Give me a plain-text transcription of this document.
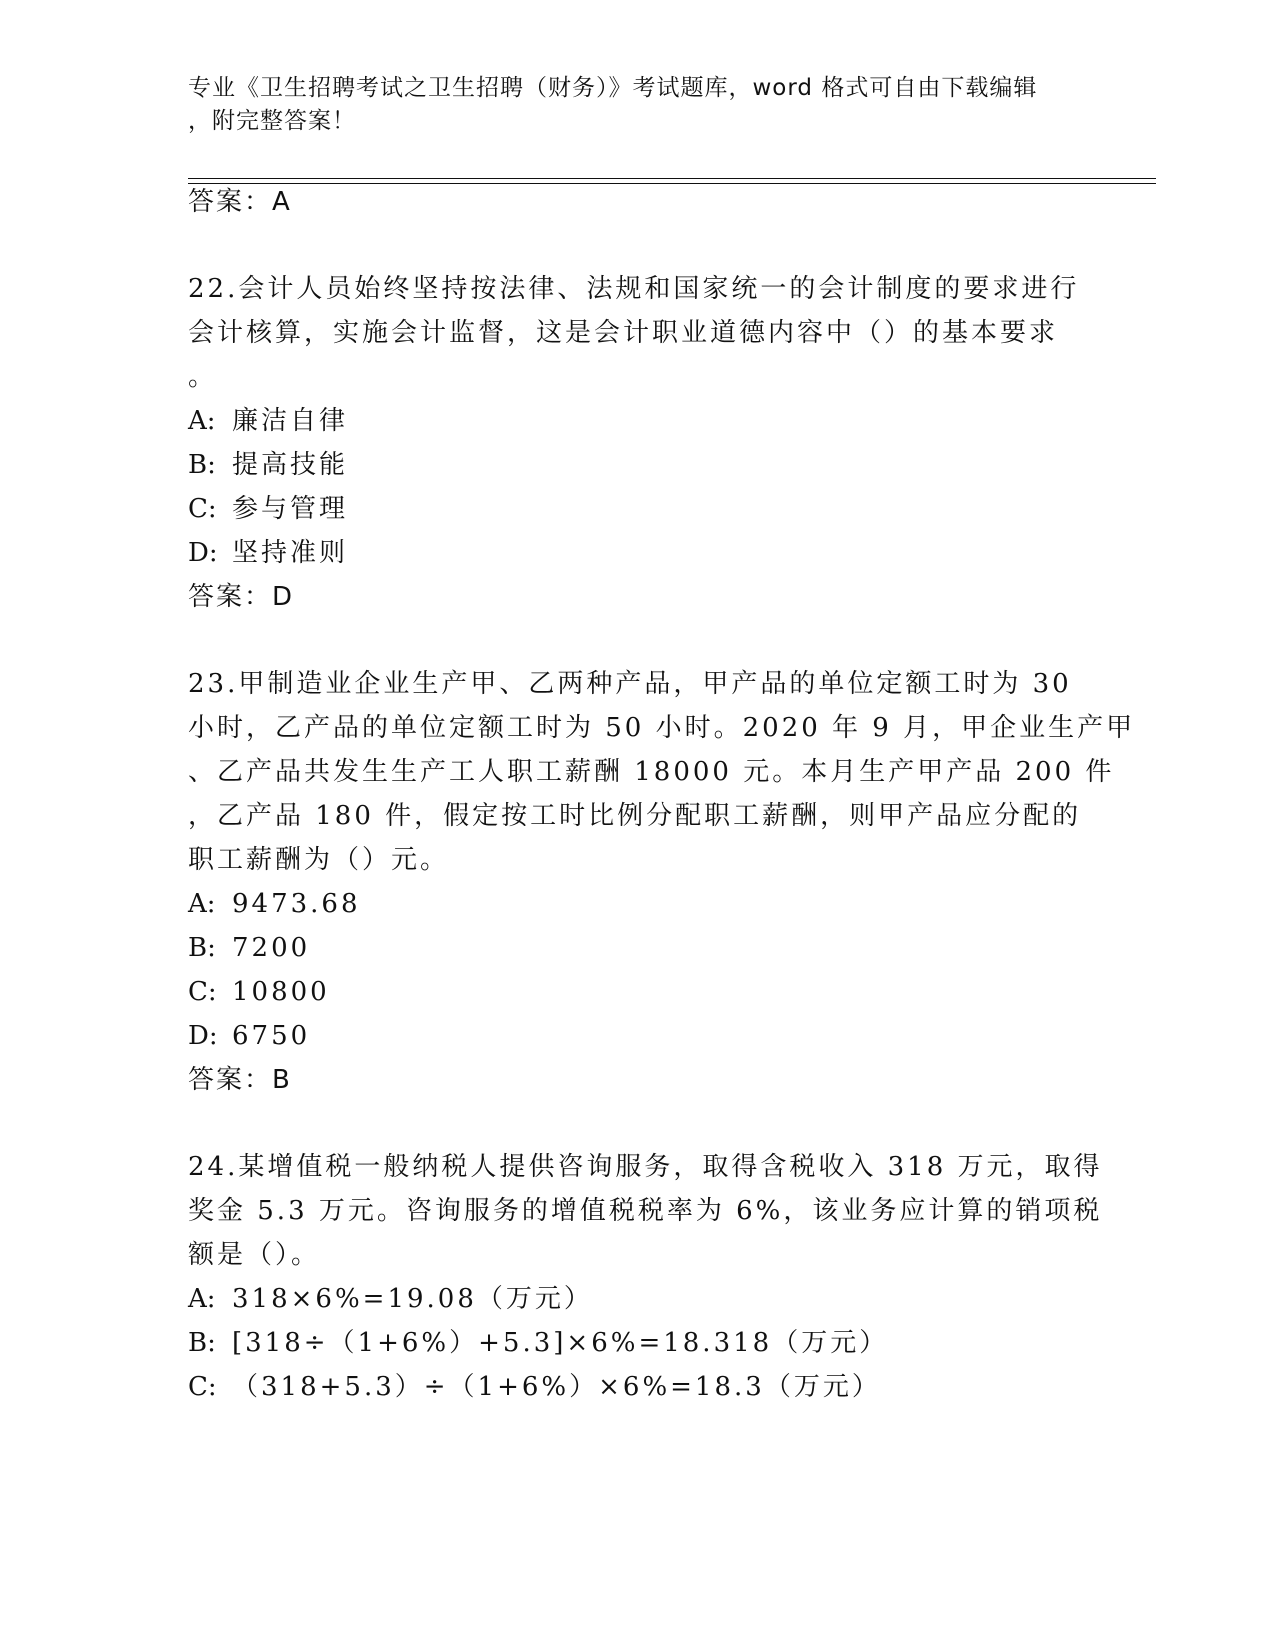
专业《卫生招聘考试之卫生招聘（财务）》考试题库，word 格式可自由下载编辑
，附完整答案！
答案：A
22.会计人员始终坚持按法律、法规和国家统一的会计制度的要求进行
会计核算，实施会计监督，这是会计职业道德内容中（）的基本要求
。
A: 廉洁自律
B: 提高技能
C: 参与管理
D: 坚持准则
答案：D
23.甲制造业企业生产甲、乙两种产品，甲产品的单位定额工时为 30
小时，乙产品的单位定额工时为 50 小时。2020 年 9 月，甲企业生产甲
、乙产品共发生生产工人职工薪酬 18000 元。本月生产甲产品 200 件
，乙产品 180 件，假定按工时比例分配职工薪酬，则甲产品应分配的
职工薪酬为（）元。
A: 9473.68
B: 7200
C: 10800
D: 6750
答案：B
24.某增值税一般纳税人提供咨询服务，取得含税收入 318 万元，取得
奖金 5.3 万元。咨询服务的增值税税率为 6%，该业务应计算的销项税
额是（）。
A: 318×6%=19.08（万元）
B: [318÷（1+6%）+5.3]×6%=18.318（万元）
C: （318+5.3）÷（1+6%）×6%=18.3（万元）
